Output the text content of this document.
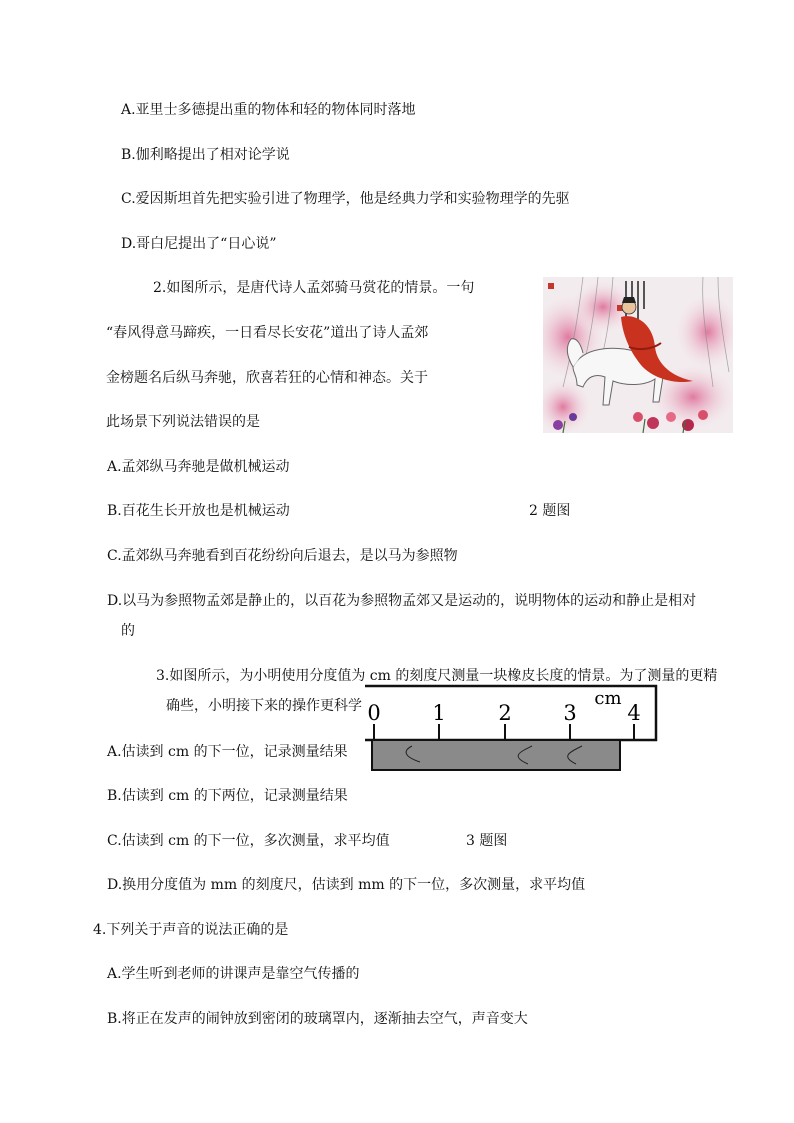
A.亚里士多德提出重的物体和轻的物体同时落地
B.伽利略提出了相对论学说
C.爱因斯坦首先把实验引进了物理学，他是经典力学和实验物理学的先驱
D.哥白尼提出了“日心说”
2.如图所示，是唐代诗人孟郊骑马赏花的情景。一句
“春风得意马蹄疾，一日看尽长安花”道出了诗人孟郊
金榜题名后纵马奔驰，欣喜若狂的心情和神态。关于
此场景下列说法错误的是
A.孟郊纵马奔驰是做机械运动
B.百花生长开放也是机械运动	2 题图
C.孟郊纵马奔驰看到百花纷纷向后退去，是以马为参照物
D.以马为参照物孟郊是静止的，以百花为参照物孟郊又是运动的，说明物体的运动和静止是相对
的
3.如图所示，为小明使用分度值为 cm 的刻度尺测量一块橡皮长度的情景。为了测量的更精
确些，小明接下来的操作更科学 0 1	2 3 4
cm
A.估读到 cm 的下一位，记录测量结果
B.估读到 cm 的下两位，记录测量结果
C.估读到 cm 的下一位，多次测量，求平均值	3 题图
D.换用分度值为 mm 的刻度尺，估读到 mm 的下一位，多次测量，求平均值
4.下列关于声音的说法正确的是
A.学生听到老师的讲课声是靠空气传播的
B.将正在发声的闹钟放到密闭的玻璃罩内，逐渐抽去空气，声音变大
